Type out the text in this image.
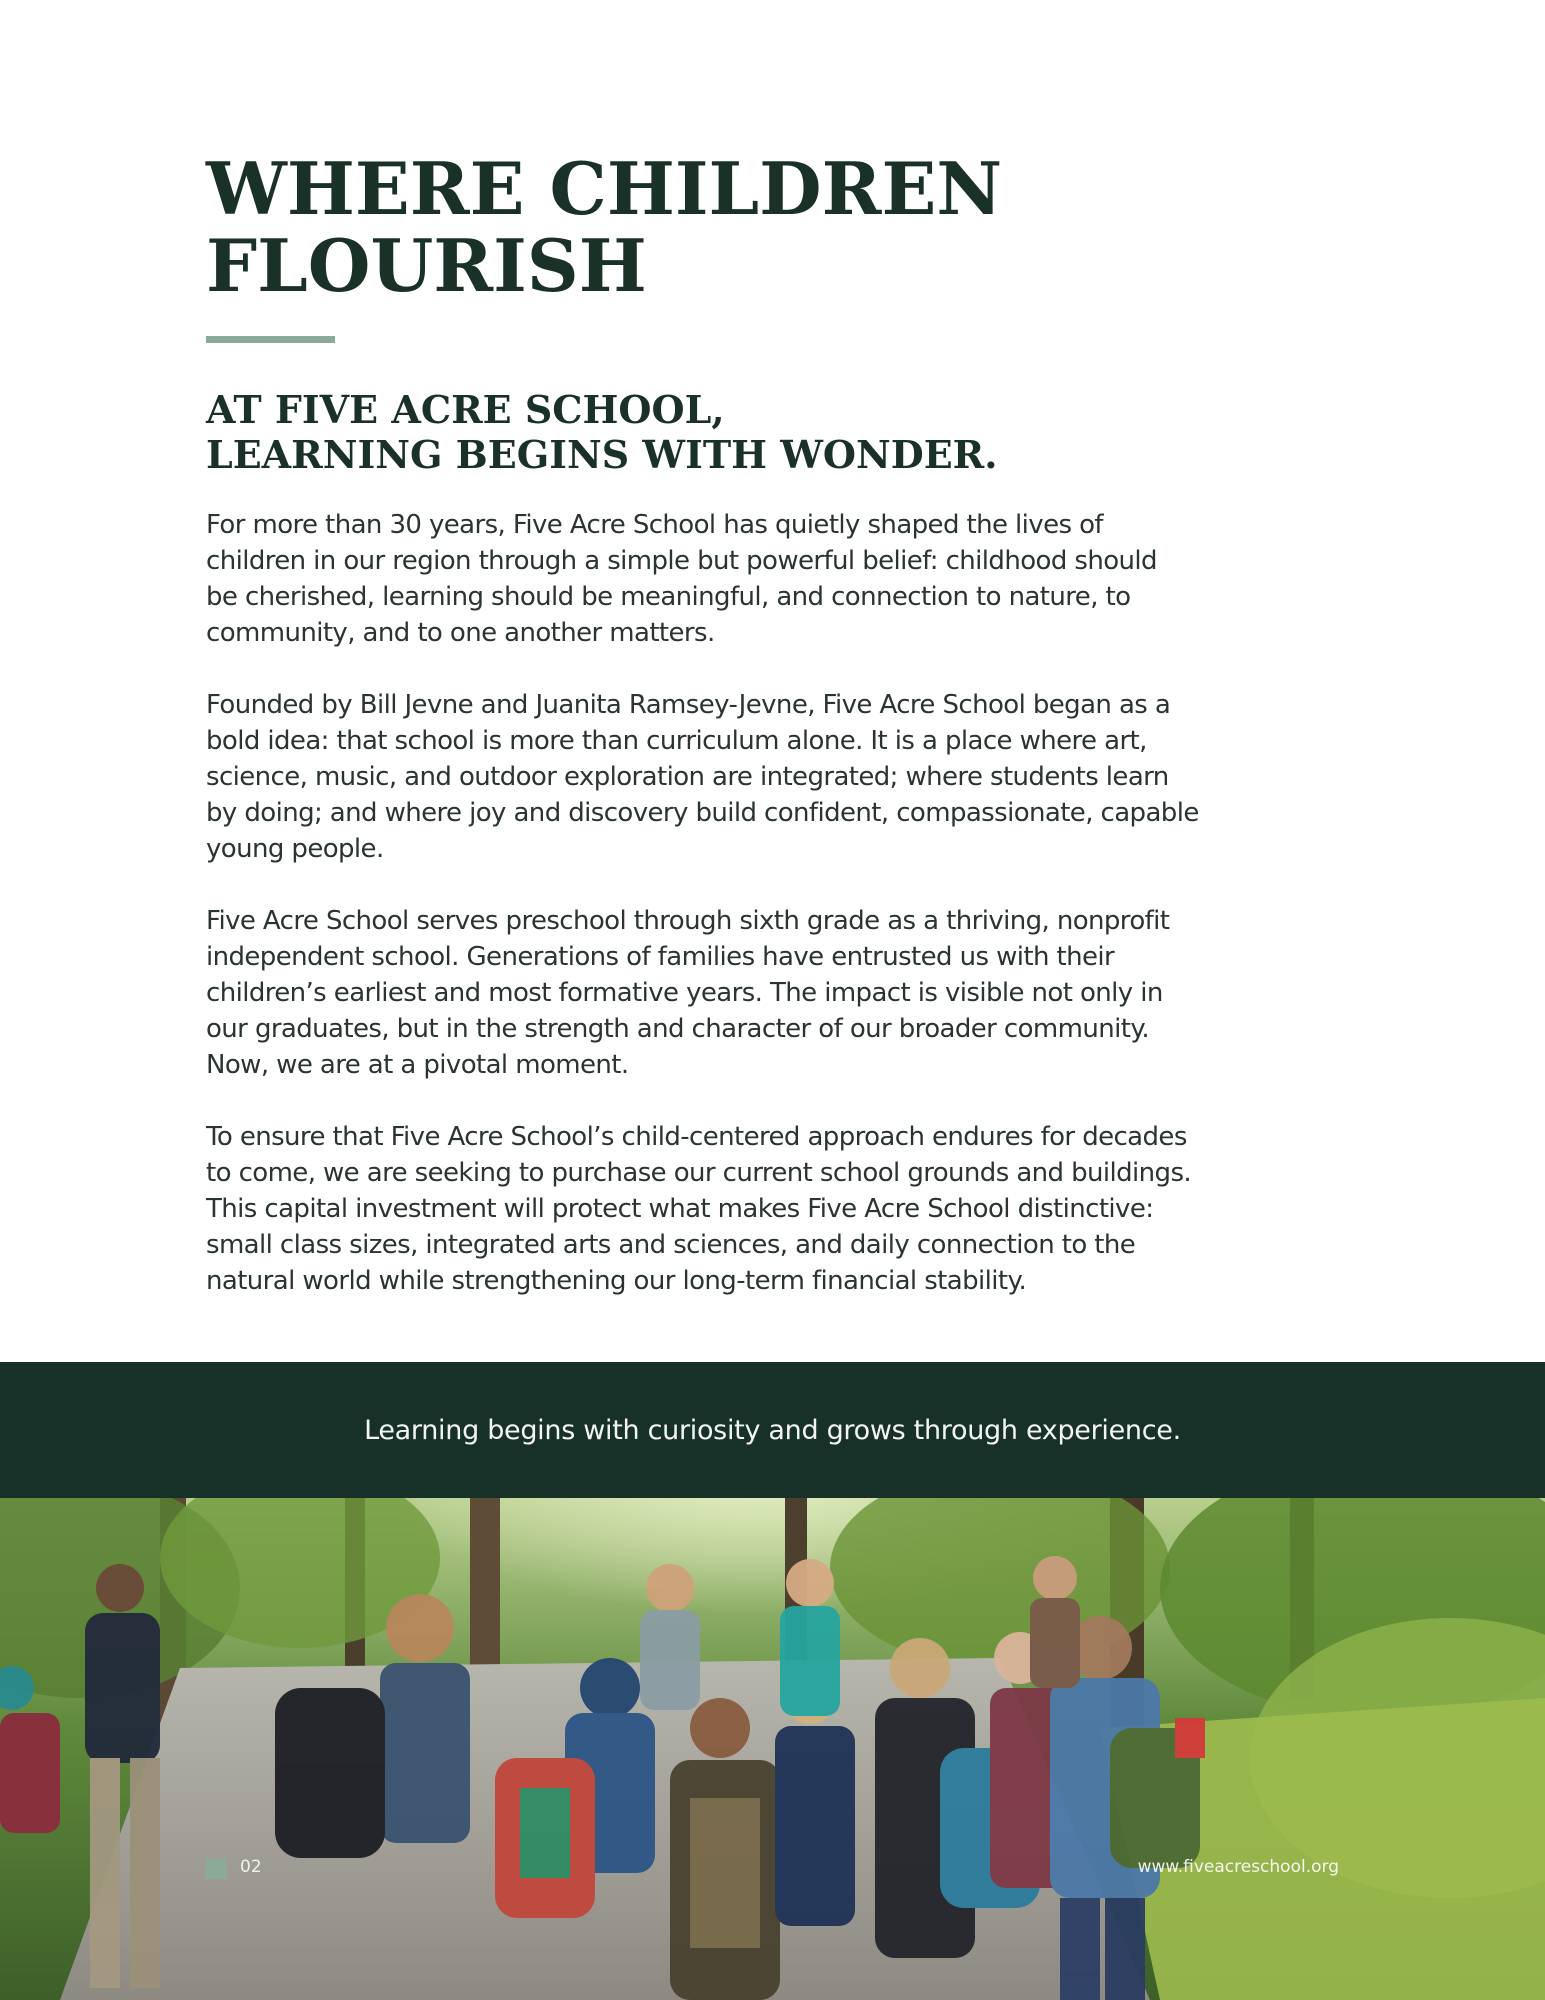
WHERE CHILDREN
FLOURISH
AT FIVE ACRE SCHOOL,
LEARNING BEGINS WITH WONDER.

For more than 30 years, Five Acre School has quietly shaped the lives of
children in our region through a simple but powerful belief: childhood should
be cherished, learning should be meaningful, and connection to nature, to
community, and to one another matters.

Founded by Bill Jevne and Juanita Ramsey-Jevne, Five Acre School began as a
bold idea: that school is more than curriculum alone. It is a place where art,
science, music, and outdoor exploration are integrated; where students learn
by doing; and where joy and discovery build confident, compassionate, capable
young people.

Five Acre School serves preschool through sixth grade as a thriving, nonprofit
independent school. Generations of families have entrusted us with their
children’s earliest and most formative years. The impact is visible not only in
our graduates, but in the strength and character of our broader community.
Now, we are at a pivotal moment.

To ensure that Five Acre School’s child-centered approach endures for decades
to come, we are seeking to purchase our current school grounds and buildings.
This capital investment will protect what makes Five Acre School distinctive:
small class sizes, integrated arts and sciences, and daily connection to the
natural world while strengthening our long-term financial stability.

Learning begins with curiosity and grows through experience.
02	www.fiveacreschool.org
